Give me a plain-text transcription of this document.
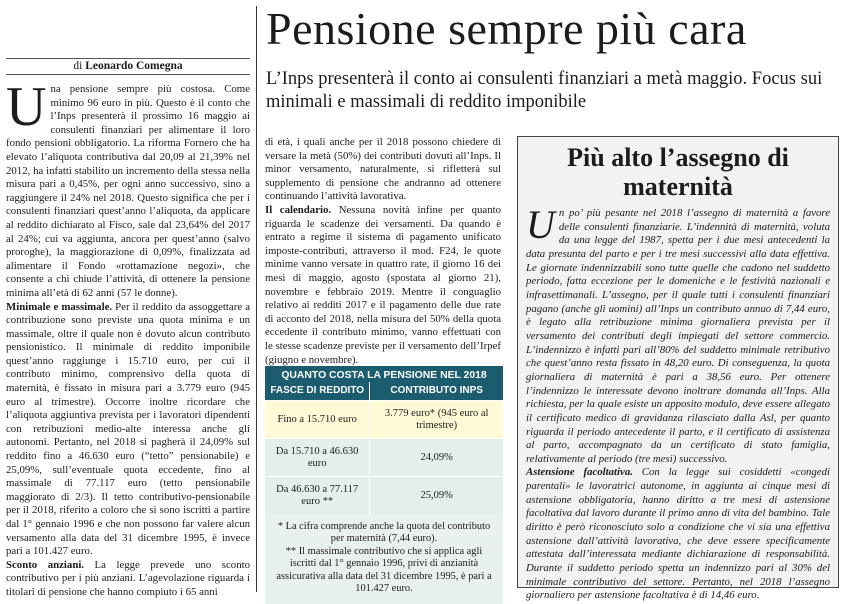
Pensione sempre più cara
L’Inps presenterà il conto ai consulenti finanziari a metà maggio. Focus sui minimali e massimali di reddito imponibile
di Leonardo Comegna

Una pensione sempre più costosa. Come minimo 96 euro in più. Questo è il conto che l’Inps presenterà il prossimo 16 maggio ai consulenti finanziari per alimentare il loro fondo pensioni obbligatorio. La riforma Fornero che ha elevato l’aliquota contributiva dal 20,09 al 21,39% nel 2012, ha infatti stabilito un incremento della stessa nella misura pari a 0,45%, per ogni anno successivo, sino a raggiungere il 24% nel 2018. Questo significa che per i consulenti finanziari quest’anno l’aliquota, da applicare al reddito dichiarato al Fisco, sale dal 23,64% del 2017 al 24%; cui va aggiunta, ancora per quest’anno (salvo proroghe), la maggiorazione di 0,09%, finalizzata ad alimentare il Fondo «rottamazione negozi», che consente a chi chiude l’attività, di ottenere la pensione minima all’età di 62 anni (57 le donne).

Minimale e massimale. Per il reddito da assoggettare a contribuzione sono previste una quota minima e un massimale, oltre il quale non è dovuto alcun contributo pensionistico. Il minimale di reddito imponibile quest’anno raggiunge i 15.710 euro, per cui il contributo minimo, comprensivo della quota di maternità, è fissato in misura pari a 3.779 euro (945 euro al trimestre). Occorre inoltre ricordare che l’aliquota aggiuntiva prevista per i lavoratori dipendenti con retribuzioni medio-alte interessa anche gli autonomi. Pertanto, nel 2018 si pagherà il 24,09% sul reddito fino a 46.630 euro (“tetto” pensionabile) e 25,09%, sull’eventuale quota eccedente, fino al massimale di 77.117 euro (tetto pensionabile maggiorato di 2/3). Il tetto contributivo-pensionabile per il 2018, riferito a coloro che si sono iscritti a partire dal 1° gennaio 1996 e che non possono far valere alcun versamento alla data del 31 dicembre 1995, è invece pari a 101.427 euro.

Sconto anziani. La legge prevede uno sconto contributivo per i più anziani. L’agevolazione riguarda i titolari di pensione che hanno compiuto i 65 anni

di età, i quali anche per il 2018 possono chiedere di versare la metà (50%) dei contributi dovuti all’Inps. Il minor versamento, naturalmente, si rifletterà sul supplemento di pensione che andranno ad ottenere continuando l’attività lavorativa.

Il calendario. Nessuna novità infine per quanto riguarda le scadenze dei versamenti. Da quando è entrato a regime il sistema di pagamento unificato imposte-contributi, attraverso il mod. F24, le quote minime vanno versate in quattro rate, il giorno 16 dei mesi di maggio, agosto (spostata al giorno 21), novembre e febbraio 2019. Mentre il conguaglio relativo ai redditi 2017 e il pagamento delle due rate di acconto del 2018, nella misura del 50% della quota eccedente il contributo minimo, vanno effettuati con le stesse scadenze previste per il versamento dell’Irpef (giugno e novembre).

QUANTO COSTA LA PENSIONE NEL 2018
FASCE DI REDDITO	CONTRIBUTO INPS
Fino a 15.710 euro	3.779 euro* (945 euro al trimestre)
Da 15.710 a 46.630 euro	24,09%
Da 46.630 a 77.117 euro **	25,09%
* La cifra comprende anche la quota del contributo per maternità (7,44 euro).
** Il massimale contributivo che si applica agli iscritti dal 1° gennaio 1996, privi di anzianità assicurativa alla data del 31 dicembre 1995, è pari a 101.427 euro.
Più alto l’assegno di maternità

Un po’ più pesante nel 2018 l’assegno di maternità a favore delle consulenti finanziarie. L’indennità di maternità, voluta da una legge del 1987, spetta per i due mesi antecedenti la data presunta del parto e per i tre mesi successivi alla data effettiva. Le giornate indennizzabili sono tutte quelle che cadono nel suddetto periodo, fatta eccezione per le domeniche e le festività nazionali e infrasettimanali. L’assegno, per il quale tutti i consulenti finanziari pagano (anche gli uomini) all’Inps un contributo annuo di 7,44 euro, è legato alla retribuzione minima giornaliera prevista per il versamento dei contributi degli impiegati del settore commercio. L’indennizzo è infatti pari all’80% del suddetto minimale retributivo che quest’anno resta fissato in 48,20 euro. Di conseguenza, la quota giornaliera di maternità è pari a 38,56 euro. Per ottenere l’indennizzo le interessate devono inoltrare domanda all’Inps. Alla richiesta, per la quale esiste un apposito modulo, deve essere allegato il certificato medico di gravidanza rilasciato dalla Asl, per quanto riguarda il periodo antecedente il parto, e il certificato di assistenza al parto, accompagnato da un certificato di stato famiglia, relativamente al periodo (tre mesi) successivo.

Astensione facoltativa. Con la legge sui cosiddetti «congedi parentali» le lavoratrici autonome, in aggiunta ai cinque mesi di astensione obbligatoria, hanno diritto a tre mesi di astensione facoltativa dal lavoro durante il primo anno di vita del bambino. Tale diritto è però riconosciuto solo a condizione che vi sia una effettiva astensione dall’attività lavorativa, che deve essere specificamente attestata dall’interessata mediante dichiarazione di responsabilità. Durante il suddetto periodo spetta un indennizzo pari al 30% del minimale contributivo del settore. Pertanto, nel 2018 l’assegno giornaliero per astensione facoltativa è di 14,46 euro.
